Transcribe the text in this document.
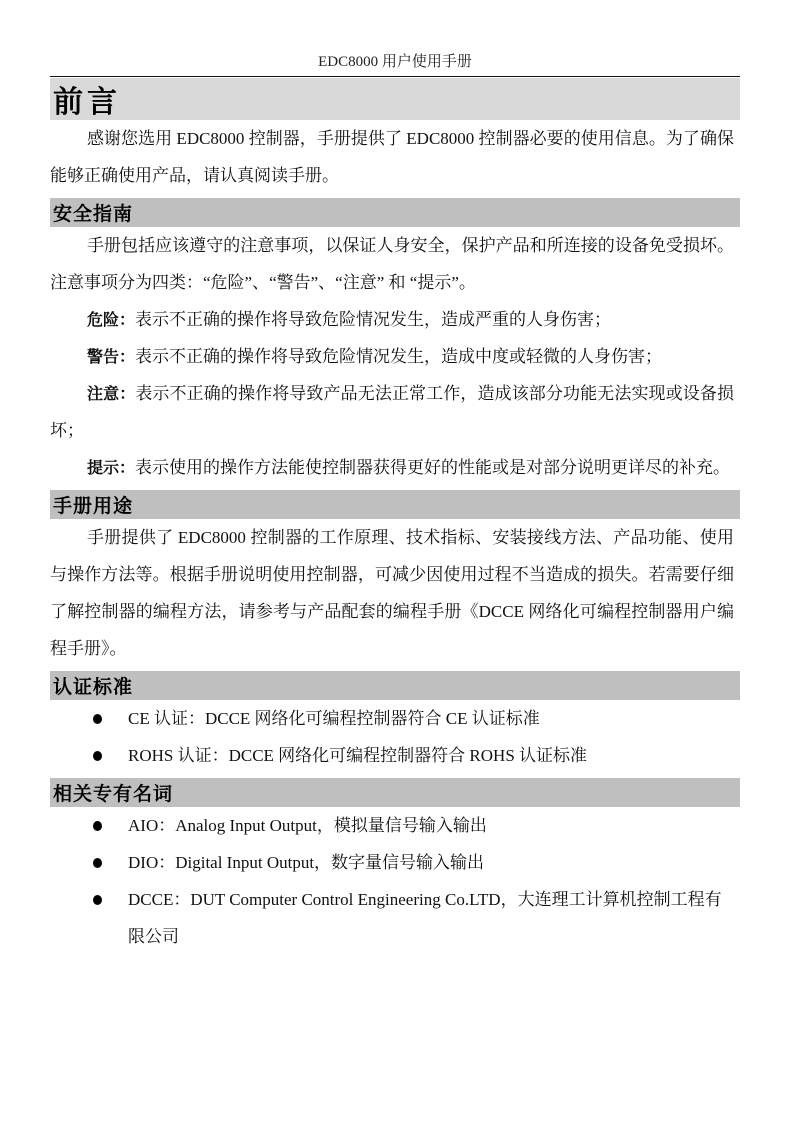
EDC8000 用户使用手册
前言

感谢您选用 EDC8000 控制器，手册提供了 EDC8000 控制器必要的使用信息。为了确保能够正确使用产品，请认真阅读手册。

安全指南

手册包括应该遵守的注意事项，以保证人身安全，保护产品和所连接的设备免受损坏。注意事项分为四类：“危险”、“警告”、“注意” 和 “提示”。

危险：表示不正确的操作将导致危险情况发生，造成严重的人身伤害；

警告：表示不正确的操作将导致危险情况发生，造成中度或轻微的人身伤害；

注意：表示不正确的操作将导致产品无法正常工作，造成该部分功能无法实现或设备损坏；

提示：表示使用的操作方法能使控制器获得更好的性能或是对部分说明更详尽的补充。

手册用途

手册提供了 EDC8000 控制器的工作原理、技术指标、安装接线方法、产品功能、使用与操作方法等。根据手册说明使用控制器，可减少因使用过程不当造成的损失。若需要仔细了解控制器的编程方法，请参考与产品配套的编程手册《DCCE 网络化可编程控制器用户编程手册》。

认证标准
CE 认证：DCCE 网络化可编程控制器符合 CE 认证标准
ROHS 认证：DCCE 网络化可编程控制器符合 ROHS 认证标准
相关专有名词
AIO：Analog Input Output，模拟量信号输入输出
DIO：Digital Input Output，数字量信号输入输出
DCCE：DUT Computer Control Engineering Co.LTD，大连理工计算机控制工程有限公司
